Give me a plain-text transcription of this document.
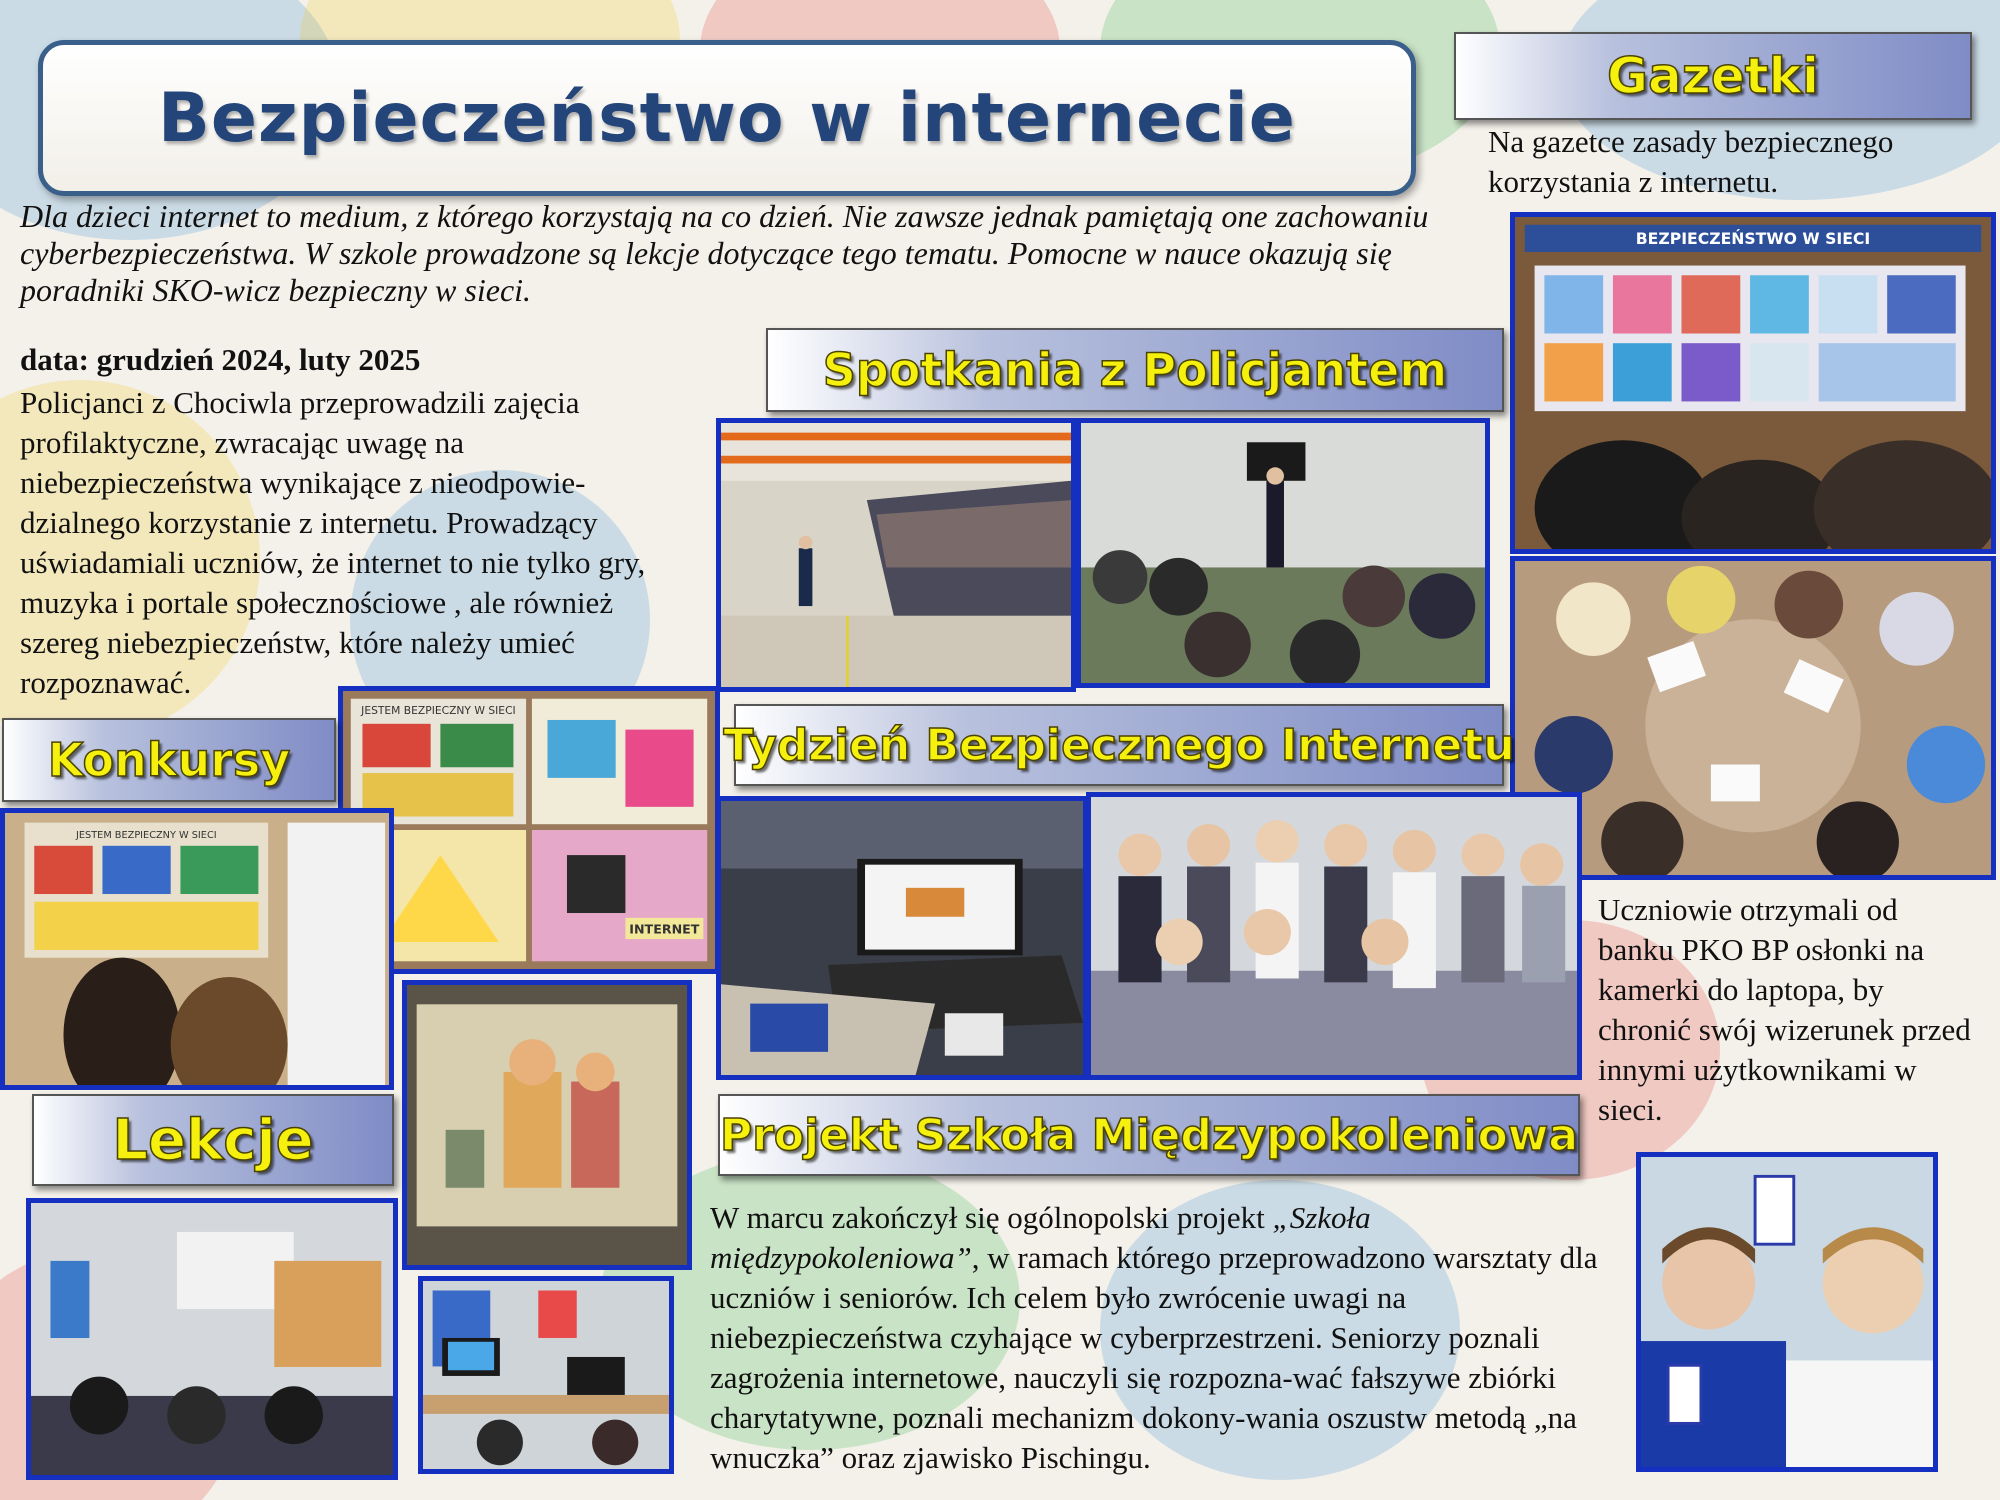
Bezpieczeństwo w internecie
Dla dzieci internet to medium, z którego korzystają na co dzień. Nie zawsze jednak pamiętają one zachowaniu cyberbezpieczeństwa. W szkole prowadzone są lekcje dotyczące tego tematu. Pomocne w nauce okazują się poradniki SKO-wicz bezpieczny w sieci.
data: grudzień 2024, luty 2025
Policjanci z Chociwla przeprowadzili zajęcia profilaktyczne, zwracając uwagę na niebezpieczeństwa wynikające z nieodpowie-dzialnego korzystanie z internetu. Prowadzący uświadamiali uczniów, że internet to nie tylko gry, muzyka i portale społecznościowe , ale również szereg niebezpieczeństw, które należy umieć rozpoznawać.
Gazetki
Na gazetce zasady bezpiecznego korzystania z internetu.
BEZPIECZEŃSTWO W SIECI
Uczniowie otrzymali od banku PKO BP osłonki na kamerki do laptopa, by chronić swój wizerunek przed innymi użytkownikami w sieci.
Spotkania z Policjantem
JESTEM BEZPIECZNY W SIECI
INTERNET
Konkursy
JESTEM BEZPIECZNY W SIECI
Tydzień Bezpiecznego Internetu
Lekcje	Projekt Szkoła Międzypokoleniowa
W marcu zakończył się ogólnopolski projekt „Szkoła międzypokoleniowa”, w ramach którego przeprowadzono warsztaty dla uczniów i seniorów. Ich celem było zwrócenie uwagi na niebezpieczeństwa czyhające w cyberprzestrzeni. Seniorzy poznali zagrożenia internetowe, nauczyli się rozpozna-wać fałszywe zbiórki charytatywne, poznali mechanizm dokony-wania oszustw metodą „na wnuczka” oraz zjawisko Pischingu.
